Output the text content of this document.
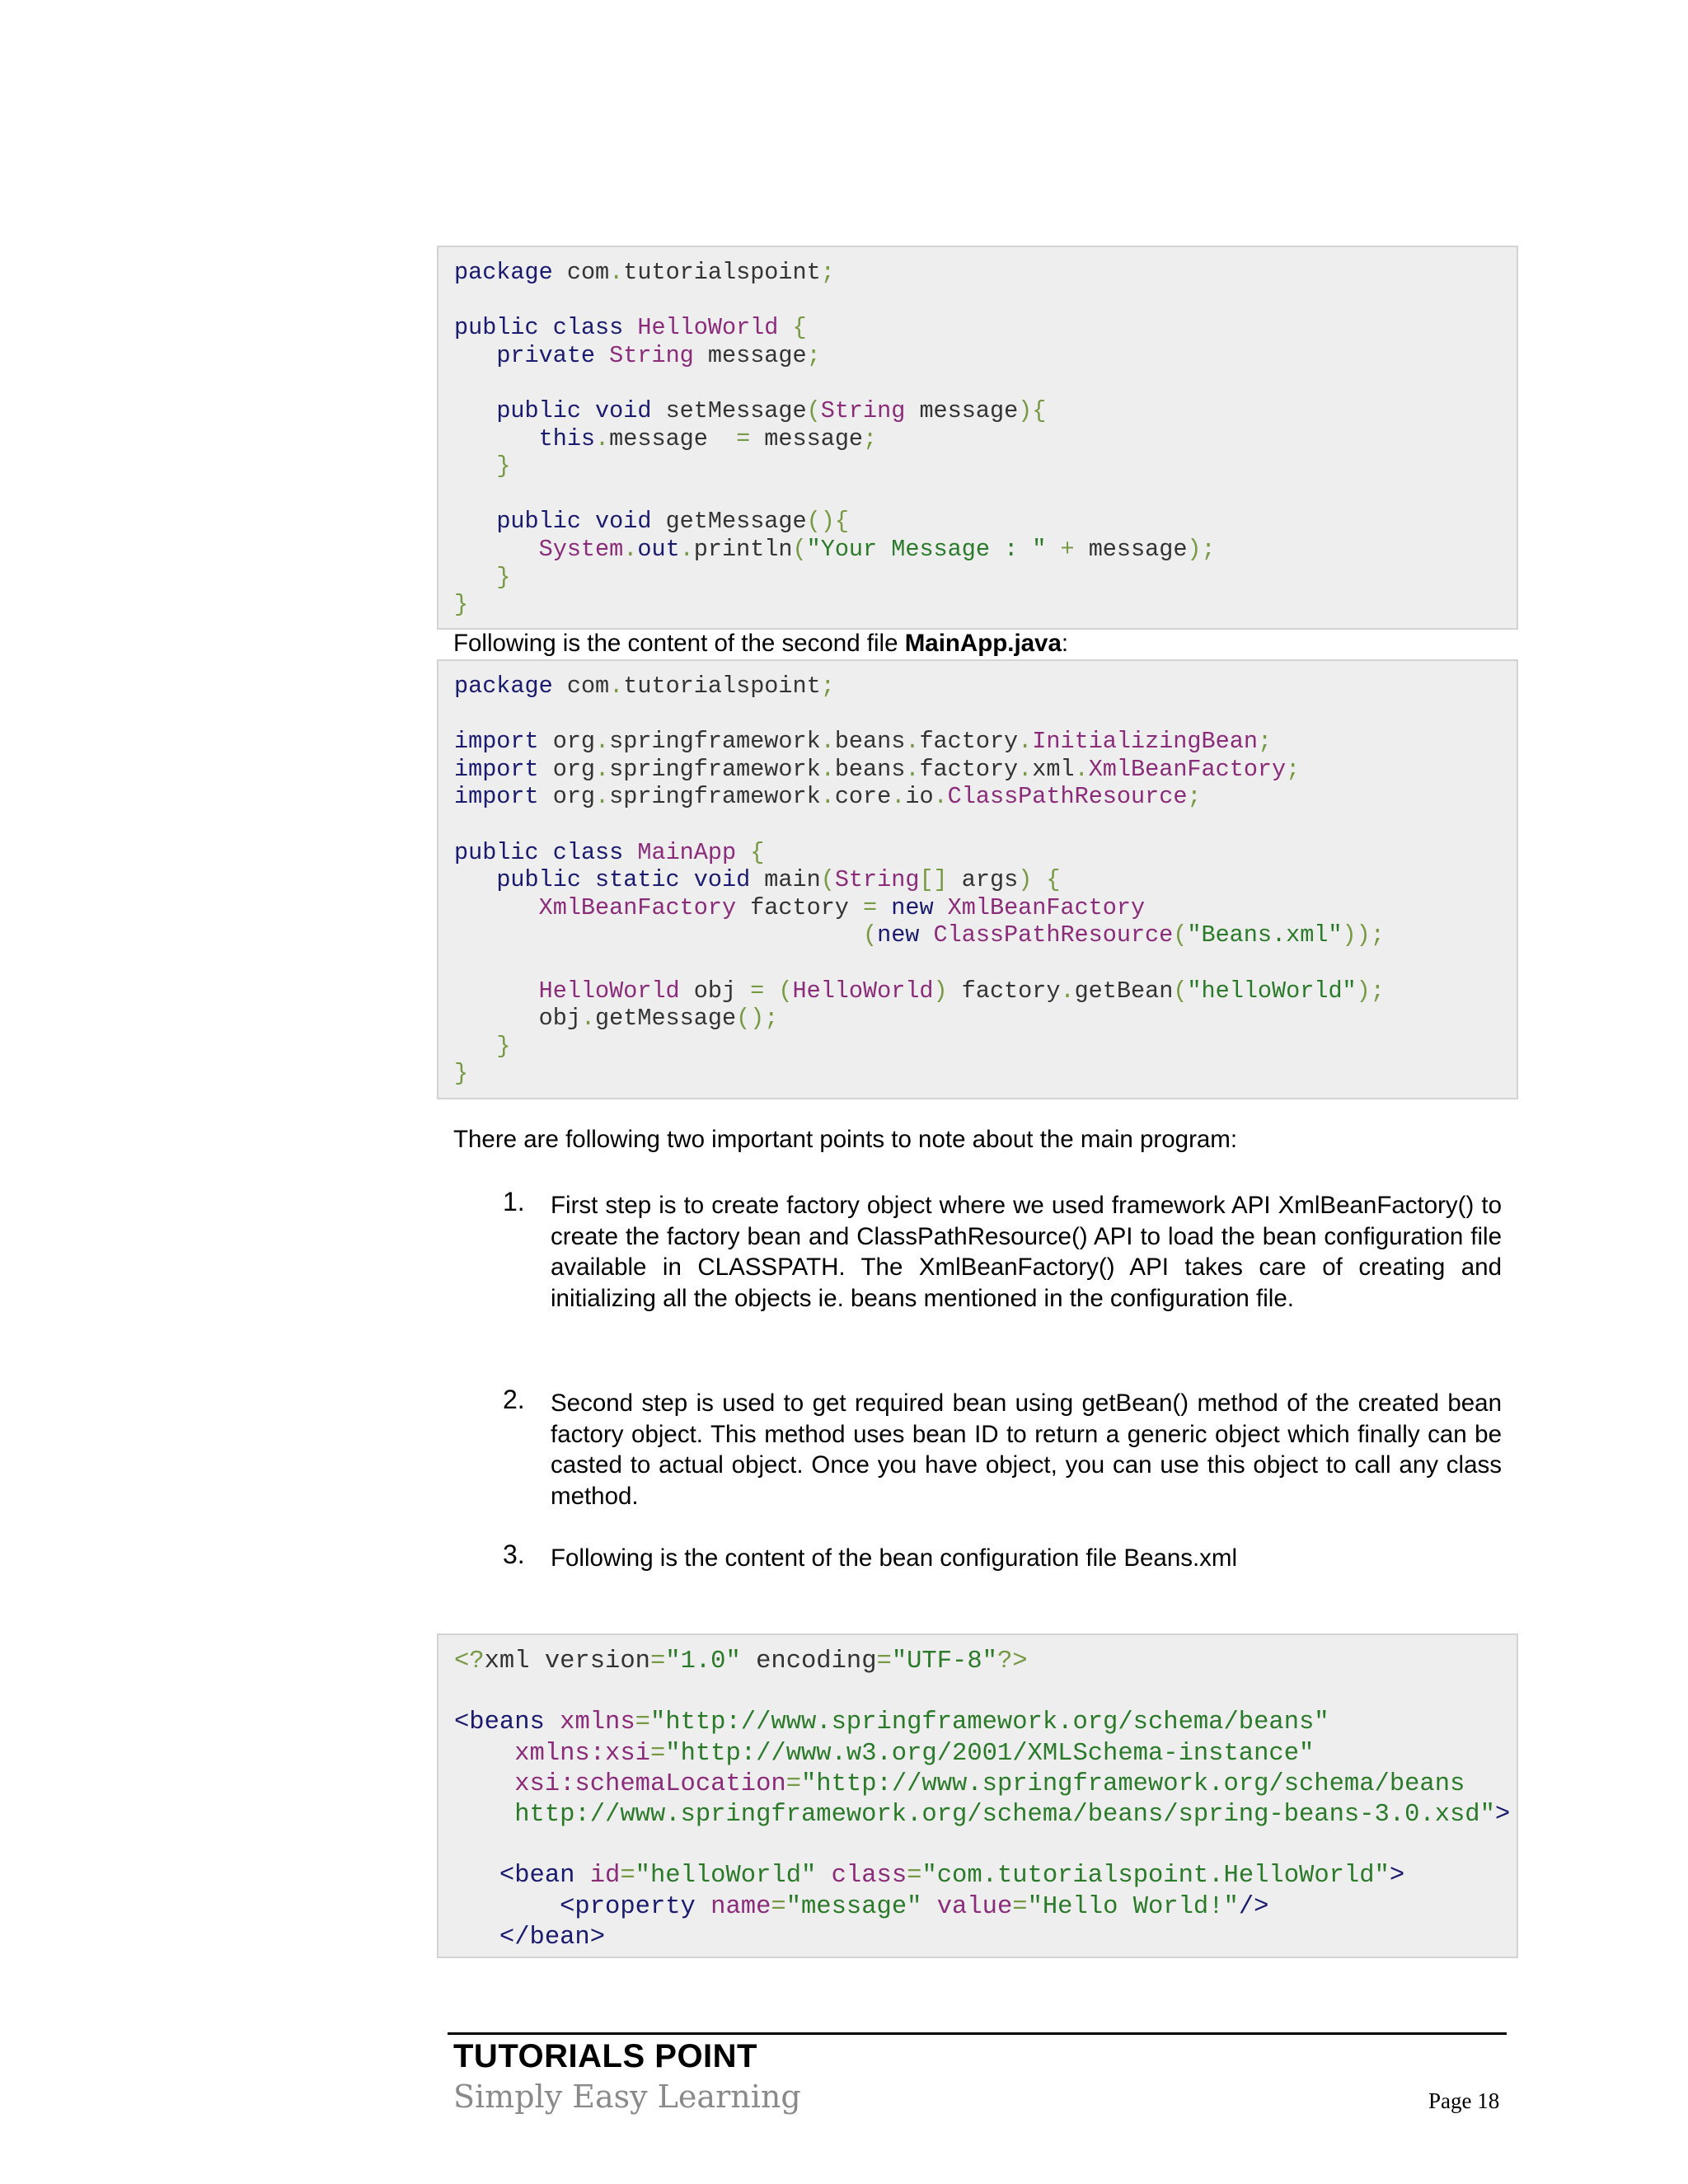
package com.tutorialspoint;

public class HelloWorld {
private String message;

public void setMessage(String message){
this.message  = message;
}

public void getMessage(){
System.out.println("Your Message : " + message);
}
}

Following is the content of the second file MainApp.java:

package com.tutorialspoint;

import org.springframework.beans.factory.InitializingBean;
import org.springframework.beans.factory.xml.XmlBeanFactory;
import org.springframework.core.io.ClassPathResource;

public class MainApp {
public static void main(String[] args) {
XmlBeanFactory factory = new XmlBeanFactory
(new ClassPathResource("Beans.xml"));

HelloWorld obj = (HelloWorld) factory.getBean("helloWorld");
obj.getMessage();
}
}

There are following two important points to note about the main program:

1. First step is to create factory object where we used framework API XmlBeanFactory() to create the factory bean and ClassPathResource() API to load the bean configuration file available in CLASSPATH. The XmlBeanFactory() API takes care of creating and initializing all the objects ie. beans mentioned in the configuration file.
2. Second step is used to get required bean using getBean() method of the created bean factory object. This method uses bean ID to return a generic object which finally can be casted to actual object. Once you have object, you can use this object to call any class method.
3. Following is the content of the bean configuration file Beans.xml
<?xml version="1.0" encoding="UTF-8"?>

<beans xmlns="http://www.springframework.org/schema/beans"
xmlns:xsi="http://www.w3.org/2001/XMLSchema-instance"
xsi:schemaLocation="http://www.springframework.org/schema/beans
http://www.springframework.org/schema/beans/spring-beans-3.0.xsd">

<bean id="helloWorld" class="com.tutorialspoint.HelloWorld">
<property name="message" value="Hello World!"/>
</bean>
TUTORIALS POINT
Simply Easy Learning	Page 18
